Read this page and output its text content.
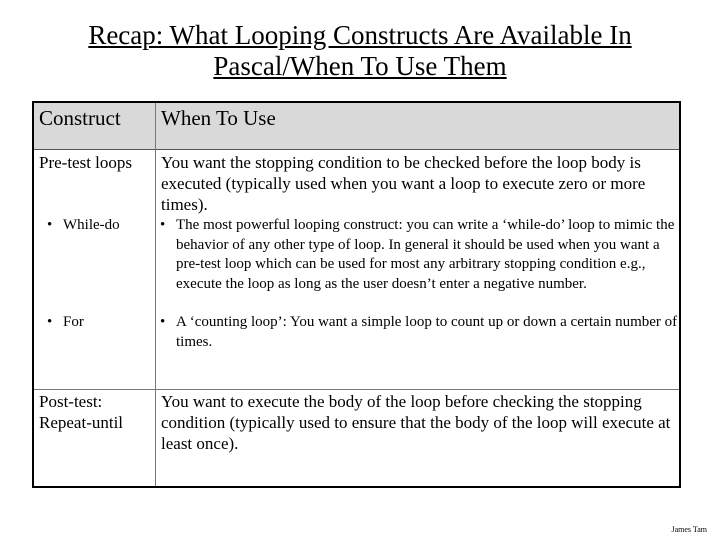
Recap: What Looping Constructs Are Available In
Pascal/When To Use Them
Construct When To Use
Pre-test loops You want the stopping condition to be checked before the loop body is executed (typically used when you want a loop to execute zero or more times).
• While-do	• The most powerful looping construct: you can write a ‘while-do’ loop to mimic the behavior of any other type of loop. In general it should be used when you want a pre-test loop which can be used for most any arbitrary stopping condition e.g., execute the loop as long as the user doesn’t enter a negative number.
• For	• A ‘counting loop’: You want a simple loop to count up or down a certain number of times.
Post-test:
Repeat-until
You want to execute the body of the loop before checking the stopping condition (typically used to ensure that the body of the loop will execute at least once).
James Tam
